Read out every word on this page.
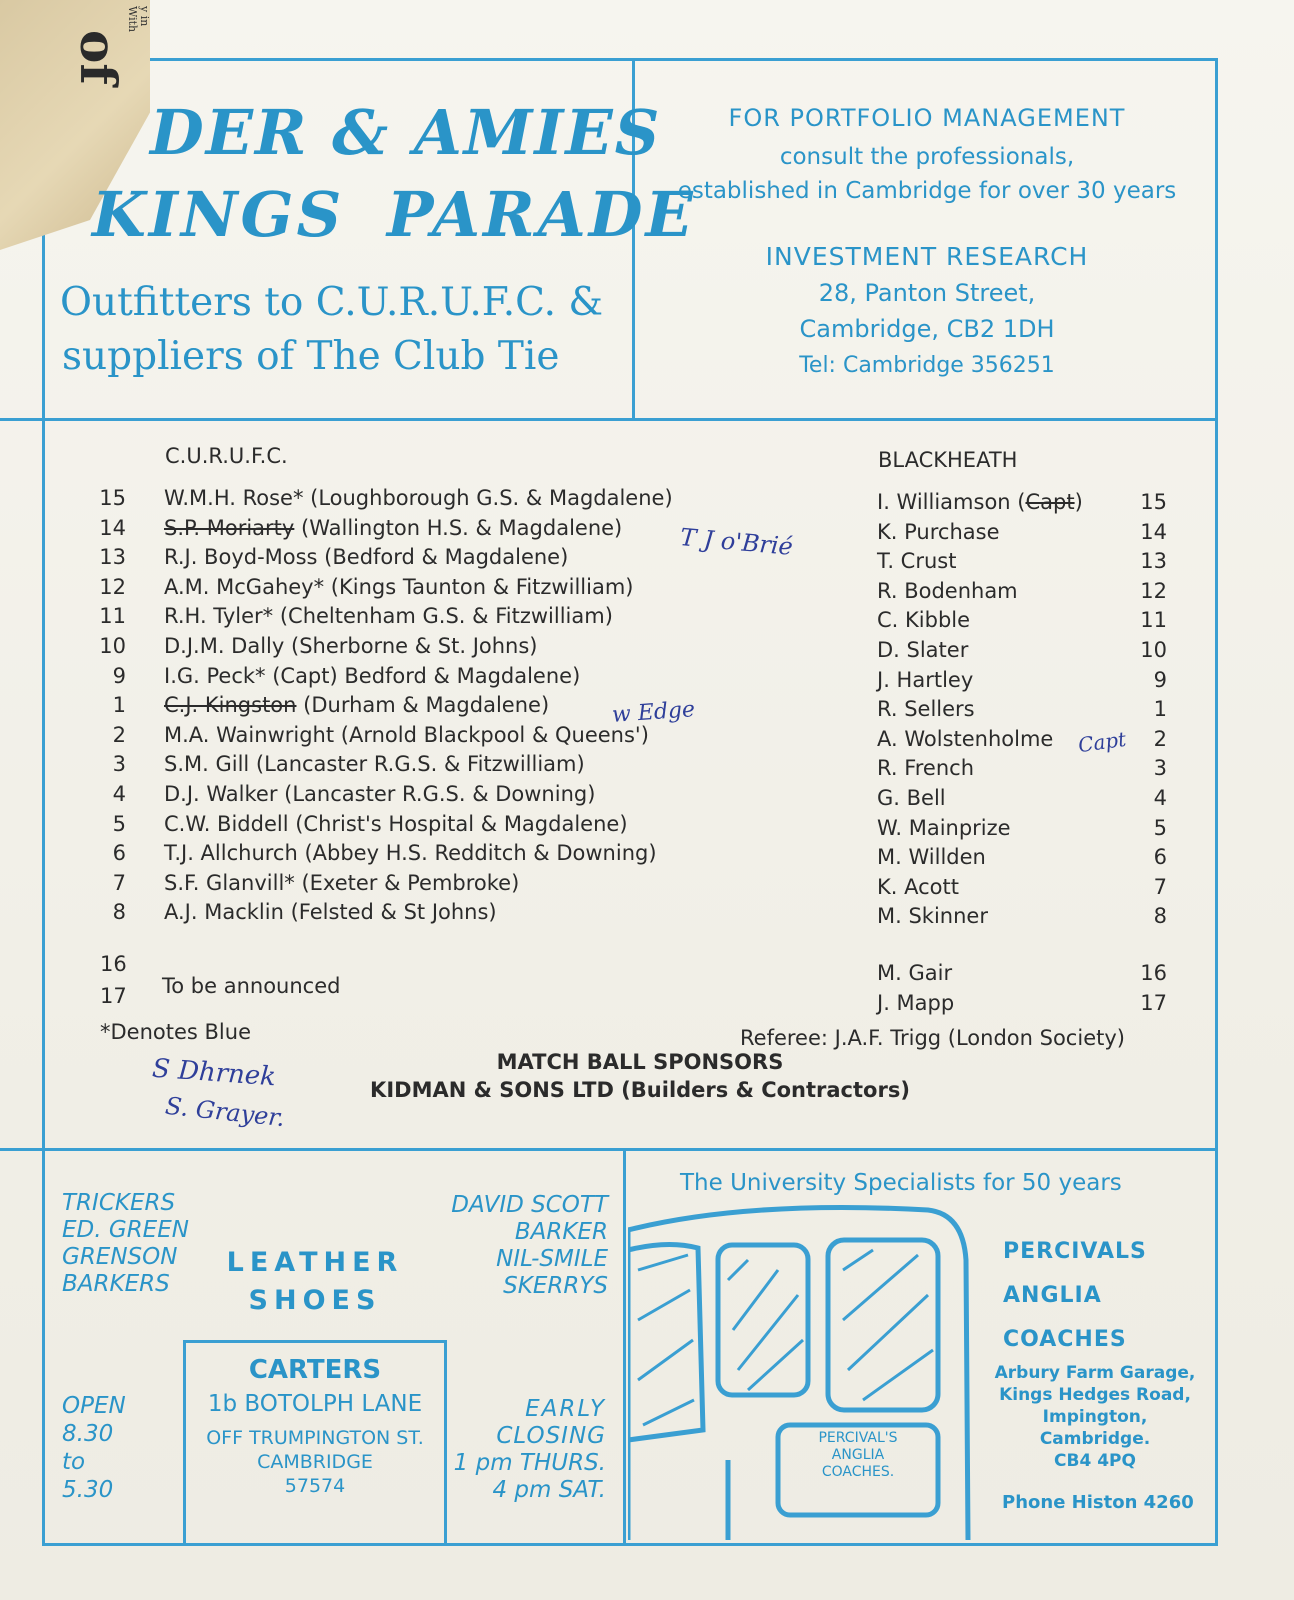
of
y in
With
DER & AMIES
KINGS PARADE
Outfitters to C.U.R.U.F.C. &
suppliers of The Club Tie
FOR PORTFOLIO MANAGEMENT
consult the professionals,
established in Cambridge for over 30 years
INVESTMENT RESEARCH
28, Panton Street,
Cambridge, CB2 1DH
Tel: Cambridge 356251
C.U.R.U.F.C.	BLACKHEATH
15 W.M.H. Rose* (Loughborough G.S. & Magdalene)
14 S.P. Moriarty (Wallington H.S. & Magdalene)
13 R.J. Boyd-Moss (Bedford & Magdalene)
12 A.M. McGahey* (Kings Taunton & Fitzwilliam)
11 R.H. Tyler* (Cheltenham G.S. & Fitzwilliam)
10 D.J.M. Dally (Sherborne & St. Johns)
9 I.G. Peck* (Capt) Bedford & Magdalene)
1 C.J. Kingston (Durham & Magdalene)
2 M.A. Wainwright (Arnold Blackpool & Queens')
3 S.M. Gill (Lancaster R.G.S. & Fitzwilliam)
4 D.J. Walker (Lancaster R.G.S. & Downing)
5 C.W. Biddell (Christ's Hospital & Magdalene)
6 T.J. Allchurch (Abbey H.S. Redditch & Downing)
7 S.F. Glanvill* (Exeter & Pembroke)
8 A.J. Macklin (Felsted & St Johns)
16
17 To be announced
*Denotes Blue
I. Williamson (Capt)	15
K. Purchase	14
T. Crust	13
R. Bodenham	12
C. Kibble	11
D. Slater	10
J. Hartley	9
R. Sellers	1
A. Wolstenholme	2
R. French	3
G. Bell	4
W. Mainprize	5
M. Willden	6
K. Acott	7
M. Skinner	8
M. Gair	16
J. Mapp	17
Referee: J.A.F. Trigg (London Society)
T J o'Brié
w Edge
Capt
S Dhrnek
S. Grayer.
MATCH BALL SPONSORS
KIDMAN & SONS LTD (Builders & Contractors)
TRICKERS
ED. GREEN
GRENSON
BARKERS
DAVID SCOTT
BARKER
NIL-SMILE
SKERRYS
LEATHER
SHOES
OPEN
8.30
to
5.30
EARLY
CLOSING
1 pm THURS.
4 pm SAT.
CARTERS
1b BOTOLPH LANE
OFF TRUMPINGTON ST.
CAMBRIDGE
57574
The University Specialists for 50 years
PERCIVAL'S
ANGLIA
COACHES.
PERCIVALS
ANGLIA
COACHES
Arbury Farm Garage,
Kings Hedges Road,
Impington,
Cambridge.
CB4 4PQ
Phone Histon 4260
